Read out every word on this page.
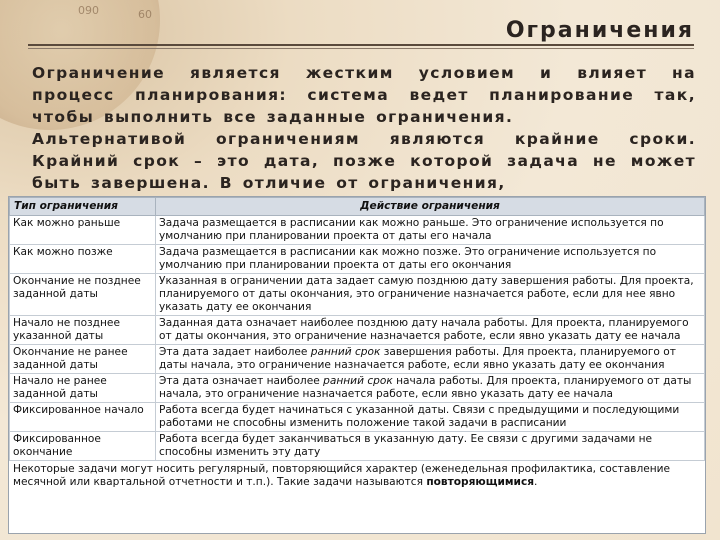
090	60
Ограничения
Ограничение является жестким условием и влияет на процесс планирования: система ведет планирование так, чтобы выполнить все заданные ограничения.
Альтернативой ограничениям являются крайние сроки. Крайний срок – это дата, позже которой задача не может быть завершена. В отличие от ограничения,
Тип ограничения	Действие ограничения
Как можно раньше	Задача размещается в расписании как можно раньше. Это ограничение используется по умолчанию при планировании проекта от даты его начала
Как можно позже	Задача размещается в расписании как можно позже. Это ограничение используется по умолчанию при планировании проекта от даты его окончания
Окончание не позднее заданной даты	Указанная в ограничении дата задает самую позднюю дату завершения работы. Для проекта, планируемого от даты окончания, это ограничение назначается работе, если для нее явно указать дату ее окончания
Начало не позднее указанной даты	Заданная дата означает наиболее позднюю дату начала работы. Для проекта, планируемого от даты окончания, это ограничение назначается работе, если явно указать дату ее начала
Окончание не ранее заданной даты	Эта дата задает наиболее ранний срок завершения работы. Для проекта, планируемого от даты начала, это ограничение назначается работе, если явно указать дату ее окончания
Начало не ранее заданной даты	Эта дата означает наиболее ранний срок начала работы. Для проекта, планируемого от даты начала, это ограничение назначается работе, если явно указать дату ее начала
Фиксированное начало	Работа всегда будет начинаться с указанной даты. Связи с предыдущими и последующими работами не способны изменить положение такой задачи в расписании
Фиксированное окончание	Работа всегда будет заканчиваться в указанную дату. Ее связи с другими задачами не способны изменить эту дату
Некоторые задачи могут носить регулярный, повторяющийся характер (еженедельная профилактика, составление месячной или квартальной отчетности и т.п.). Такие задачи называются повторяющимися.
